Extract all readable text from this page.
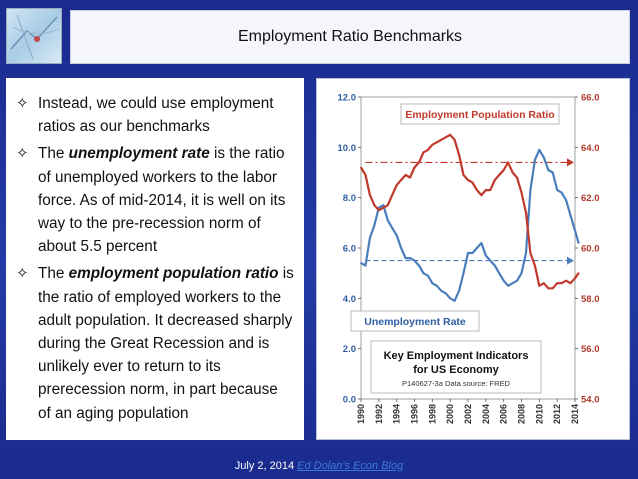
Employment Ratio Benchmarks
✧ Instead, we could use employment ratios as our benchmarks
✧ The unemployment rate is the ratio of unemployed workers to the labor force. As of mid-2014, it is well on its way to the pre-recession norm of about 5.5 percent
✧ The employment population ratio is the ratio of employed workers to the adult population. It decreased sharply during the Great Recession and is unlikely ever to return to its prerecession norm, in part because of an aging population
0.0
2.0
4.0
6.0
8.0
10.0
12.0
54.0
56.0
58.0
60.0
62.0
64.0
66.0
1990 1992 1994 1996 1998 2000 2002 2004 2006 2008 2010 2012 2014
Employment Population Ratio
Unemployment Rate
Key Employment Indicators
for US Economy
P140627-3a Data source: FRED
July 2, 2014 Ed Dolan's Econ Blog
